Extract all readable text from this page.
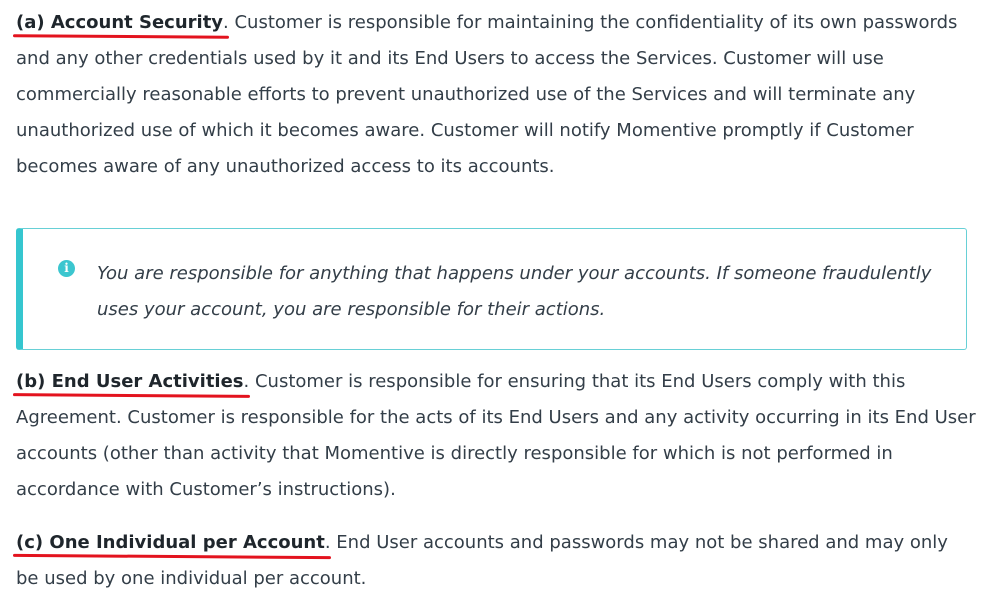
(a) Account Security
. Customer is responsible for maintaining the confidentiality of its own passwords and any other credentials used by it and its End Users to access the Services. Customer will use commercially reasonable efforts to prevent unauthorized use of the Services and will terminate any unauthorized use of which it becomes aware. Customer will notify Momentive promptly if Customer becomes aware of any unauthorized access to its accounts.

i	You are responsible for anything that happens under your accounts. If someone fraudulently uses your account, you are responsible for their actions.

(b) End User Activities
. Customer is responsible for ensuring that its End Users comply with this Agreement. Customer is responsible for the acts of its End Users and any activity occurring in its End User accounts (other than activity that Momentive is directly responsible for which is not performed in accordance with Customer’s instructions).

(c) One Individual per Account
. End User accounts and passwords may not be shared and may only be used by one individual per account.
